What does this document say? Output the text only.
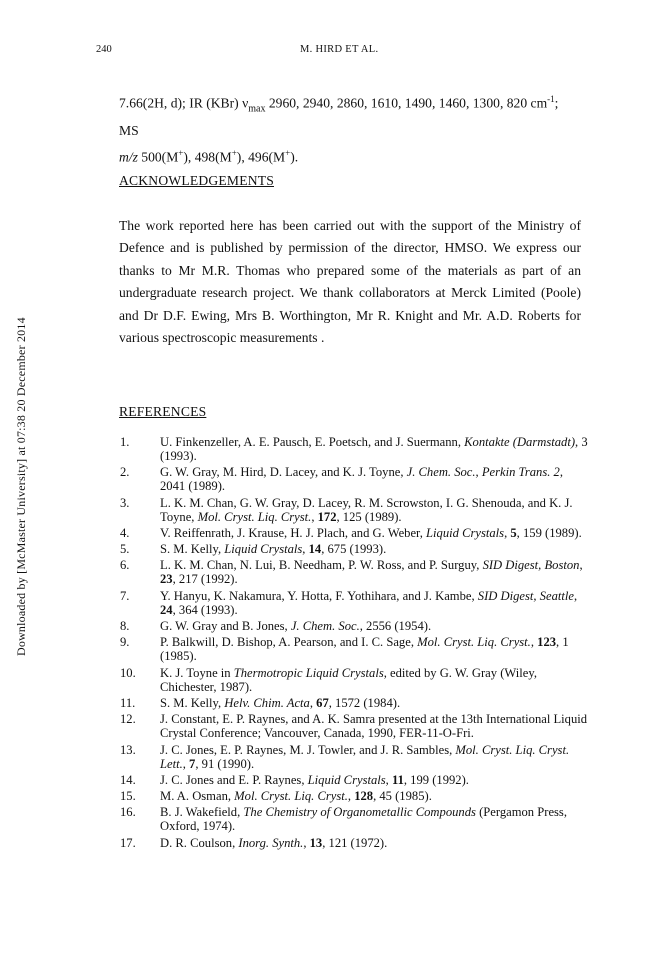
240	M. HIRD ET AL.
Downloaded by [McMaster University] at 07:38 20 December 2014
7.66(2H, d); IR (KBr) $\nu_{max}$ 2960, 2940, 2860, 1610, 1490, 1460, 1300, 820 $cm^{-1}$; MS
m/z 500(M+), 498(M+), 496(M+).
ACKNOWLEDGEMENTS
The work reported here has been carried out with the support of the Ministry of Defence and is published by permission of the director, HMSO. We express our thanks to Mr M.R. Thomas who prepared some of the materials as part of an undergraduate research project. We thank collaborators at Merck Limited (Poole) and Dr D.F. Ewing, Mrs B. Worthington, Mr R. Knight and Mr. A.D. Roberts for various spectroscopic measurements .
REFERENCES
1. U. Finkenzeller, A. E. Pausch, E. Poetsch, and J. Suermann, Kontakte (Darmstadt), 3 (1993).
2. G. W. Gray, M. Hird, D. Lacey, and K. J. Toyne, J. Chem. Soc., Perkin Trans. 2, 2041 (1989).
3. L. K. M. Chan, G. W. Gray, D. Lacey, R. M. Scrowston, I. G. Shenouda, and K. J. Toyne, Mol. Cryst. Liq. Cryst., 172, 125 (1989).
4. V. Reiffenrath, J. Krause, H. J. Plach, and G. Weber, Liquid Crystals, 5, 159 (1989).
5. S. M. Kelly, Liquid Crystals, 14, 675 (1993).
6. L. K. M. Chan, N. Lui, B. Needham, P. W. Ross, and P. Surguy, SID Digest, Boston, 23, 217 (1992).
7. Y. Hanyu, K. Nakamura, Y. Hotta, F. Yothihara, and J. Kambe, SID Digest, Seattle, 24, 364 (1993).
8. G. W. Gray and B. Jones, J. Chem. Soc., 2556 (1954).
9. P. Balkwill, D. Bishop, A. Pearson, and I. C. Sage, Mol. Cryst. Liq. Cryst., 123, 1 (1985).
10. K. J. Toyne in Thermotropic Liquid Crystals, edited by G. W. Gray (Wiley, Chichester, 1987).
11. S. M. Kelly, Helv. Chim. Acta, 67, 1572 (1984).
12. J. Constant, E. P. Raynes, and A. K. Samra presented at the 13th International Liquid Crystal Conference; Vancouver, Canada, 1990, FER-11-O-Fri.
13. J. C. Jones, E. P. Raynes, M. J. Towler, and J. R. Sambles, Mol. Cryst. Liq. Cryst. Lett., 7, 91 (1990).
14. J. C. Jones and E. P. Raynes, Liquid Crystals, 11, 199 (1992).
15. M. A. Osman, Mol. Cryst. Liq. Cryst., 128, 45 (1985).
16. B. J. Wakefield, The Chemistry of Organometallic Compounds (Pergamon Press, Oxford, 1974).
17. D. R. Coulson, Inorg. Synth., 13, 121 (1972).
